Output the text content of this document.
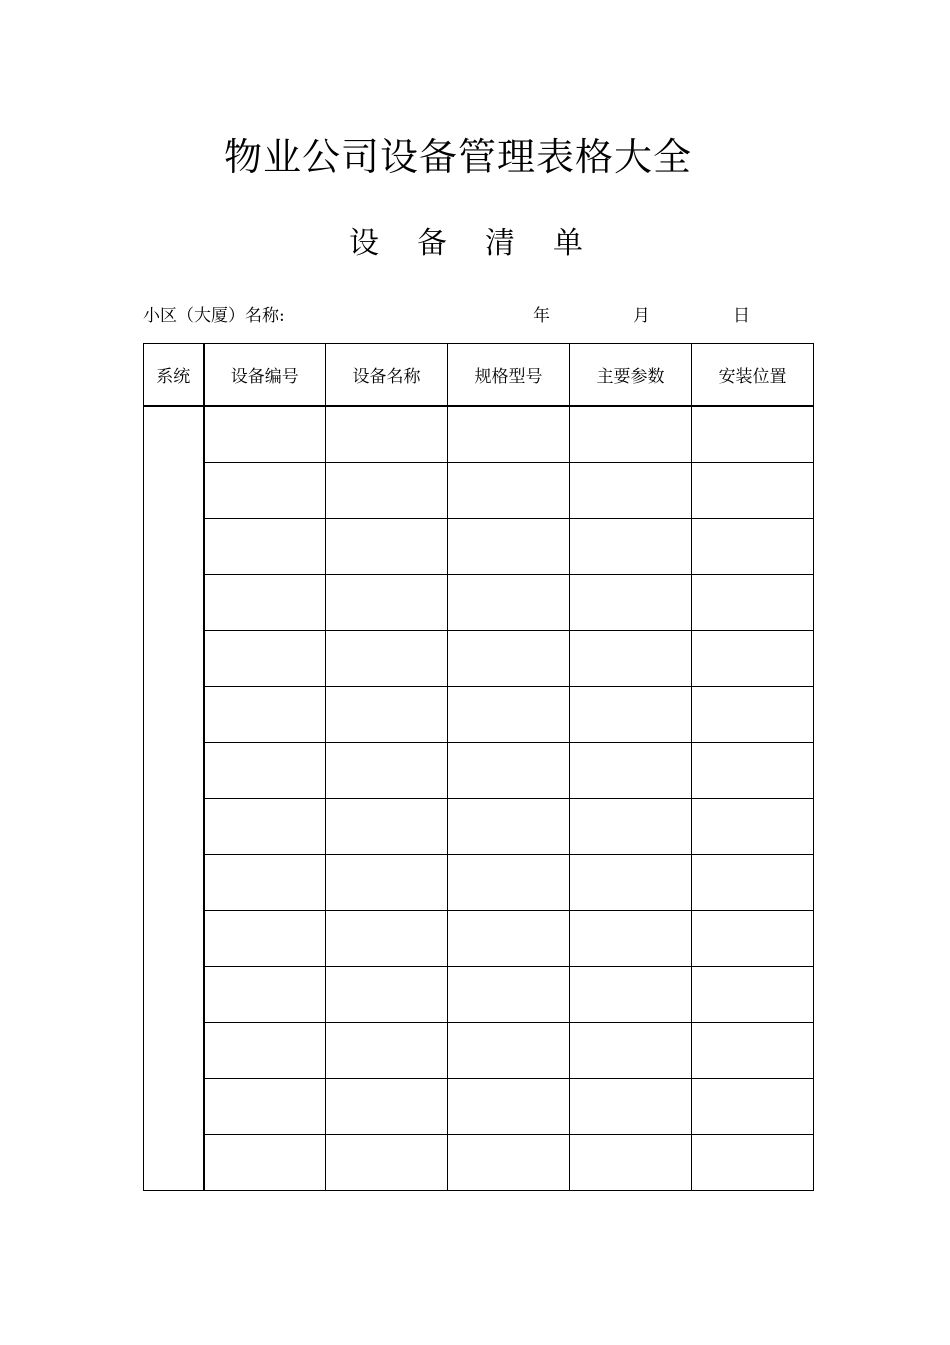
物业公司设备管理表格大全
设备清单
小区（大厦）名称:	年	月	日
系统	设备编号	设备名称	规格型号	主要参数	安装位置
